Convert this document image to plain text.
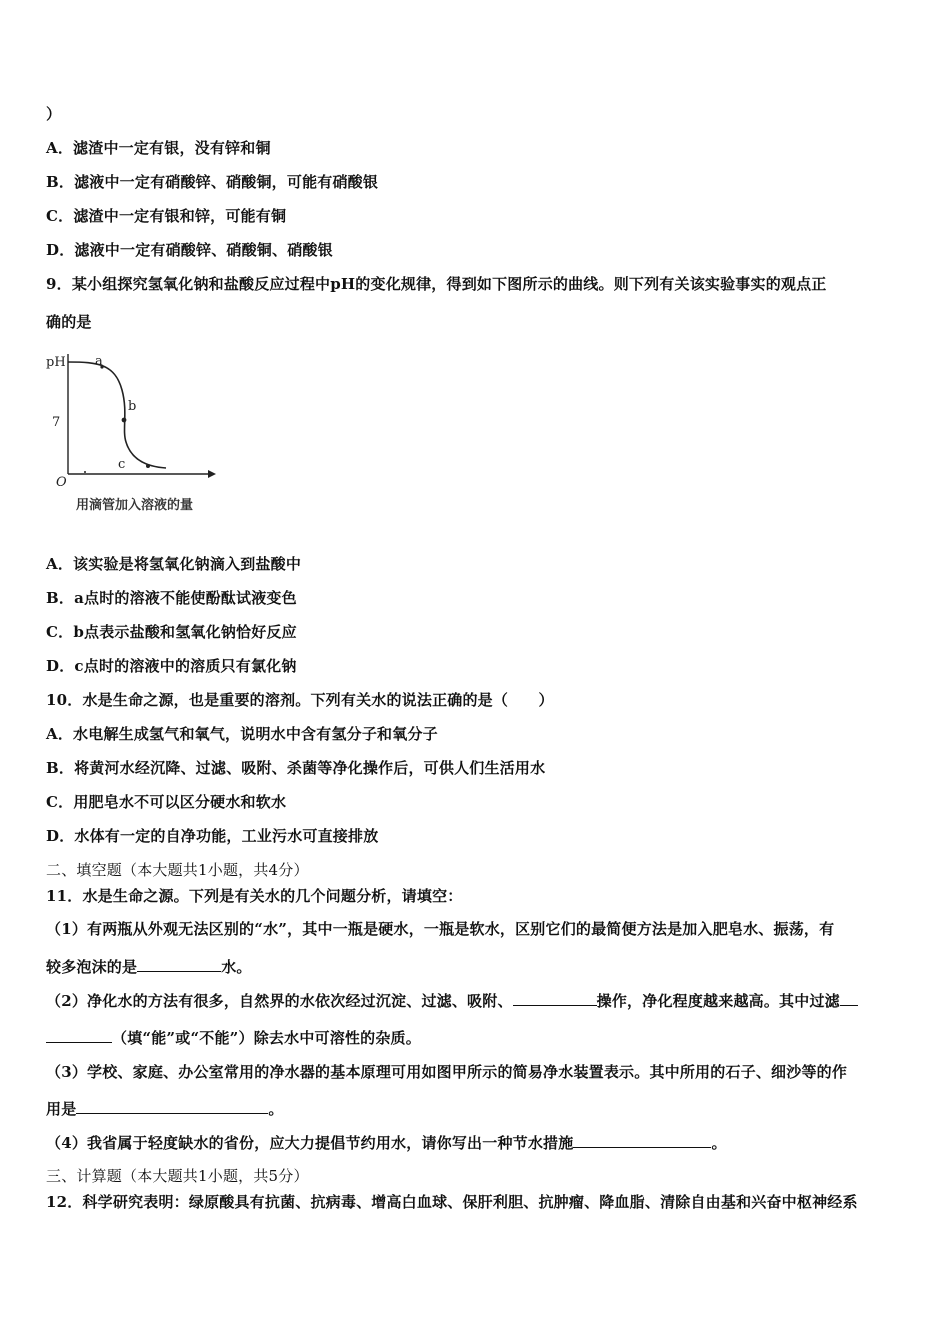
）
A．滤渣中一定有银，没有锌和铜
B．滤液中一定有硝酸锌、硝酸铜，可能有硝酸银
C．滤渣中一定有银和锌，可能有铜
D．滤液中一定有硝酸锌、硝酸铜、硝酸银
9．某小组探究氢氧化钠和盐酸反应过程中pH的变化规律，得到如下图所示的曲线。则下列有关该实验事实的观点正
确的是
pH
7
O
a
b
c
用滴管加入溶液的量
A．该实验是将氢氧化钠滴入到盐酸中
B．a点时的溶液不能使酚酞试液变色
C．b点表示盐酸和氢氧化钠恰好反应
D．c点时的溶液中的溶质只有氯化钠
10．水是生命之源，也是重要的溶剂。下列有关水的说法正确的是（　　）
A．水电解生成氢气和氧气，说明水中含有氢分子和氧分子
B．将黄河水经沉降、过滤、吸附、杀菌等净化操作后，可供人们生活用水
C．用肥皂水不可以区分硬水和软水
D．水体有一定的自净功能，工业污水可直接排放
二、填空题（本大题共1小题，共4分）
11．水是生命之源。下列是有关水的几个问题分析，请填空：
（1）有两瓶从外观无法区别的“水”，其中一瓶是硬水，一瓶是软水，区别它们的最简便方法是加入肥皂水、振荡，有
较多泡沫的是	水。
（2）净化水的方法有很多，自然界的水依次经过沉淀、过滤、吸附、	操作，净化程度越来越高。其中过滤
（填“能”或“不能”）除去水中可溶性的杂质。
（3）学校、家庭、办公室常用的净水器的基本原理可用如图甲所示的简易净水装置表示。其中所用的石子、细沙等的作
用是	。
（4）我省属于轻度缺水的省份，应大力提倡节约用水，请你写出一种节水措施	。
三、计算题（本大题共1小题，共5分）
12．科学研究表明：绿原酸具有抗菌、抗病毒、增高白血球、保肝利胆、抗肿瘤、降血脂、清除自由基和兴奋中枢神经系
